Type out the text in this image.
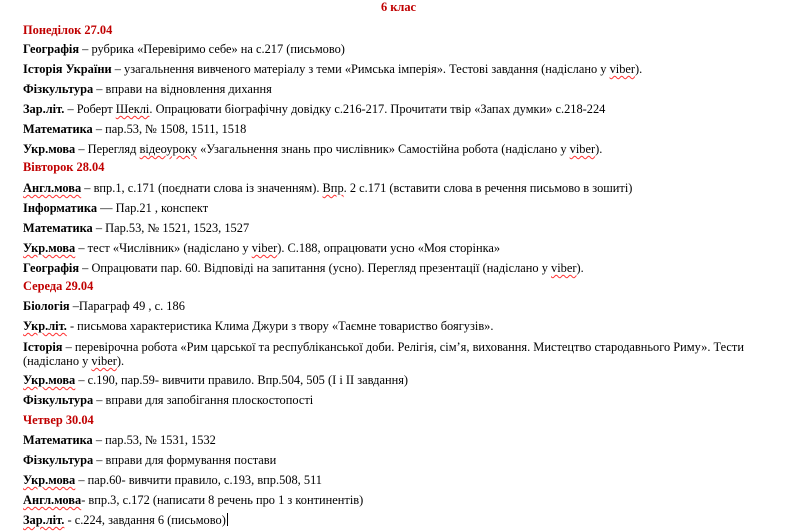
6 клас
Понеділок 27.04
Географія – рубрика «Перевіримо себе» на с.217 (письмово)
Історія України – узагальнення вивченого матеріалу з теми «Римська імперія». Тестові завдання (надіслано у viber).
Фізкультура – вправи на відновлення дихання
Зар.літ. – Роберт Шеклі. Опрацювати біографічну довідку с.216-217. Прочитати твір «Запах думки» с.218-224
Математика – пар.53, № 1508, 1511, 1518
Укр.мова – Перегляд відеоуроку «Узагальнення знань про числівник» Самостійна робота (надіслано у viber).
Вівторок 28.04
Англ.мова – впр.1, с.171 (поєднати слова із значенням). Впр. 2 с.171 (вставити слова в речення письмово в зошиті)
Інформатика — Пар.21 , конспект
Математика – Пар.53, № 1521, 1523, 1527
Укр.мова – тест «Числівник» (надіслано у viber). С.188, опрацювати усно «Моя сторінка»
Географія – Опрацювати пар. 60. Відповіді на запитання (усно). Перегляд презентації (надіслано у viber).
Середа 29.04
Біологія –Параграф 49 , с. 186
Укр.літ. - письмова характеристика Клима Джури з твору «Таємне товариство боягузів».
Історія – перевірочна робота «Рим царської та республіканської доби. Релігія, сім’я, виховання. Мистецтво стародавнього Риму». Тести (надіслано у viber).
Укр.мова – с.190, пар.59- вивчити правило. Впр.504, 505 (І і ІІ завдання)
Фізкультура – вправи для запобігання плоскостопості
Четвер 30.04
Математика – пар.53, № 1531, 1532
Фізкультура – вправи для формування постави
Укр.мова – пар.60- вивчити правило, с.193, впр.508, 511
Англ.мова- впр.3, с.172 (написати 8 речень про 1 з континентів)
Зар.літ. - с.224, завдання 6 (письмово)
